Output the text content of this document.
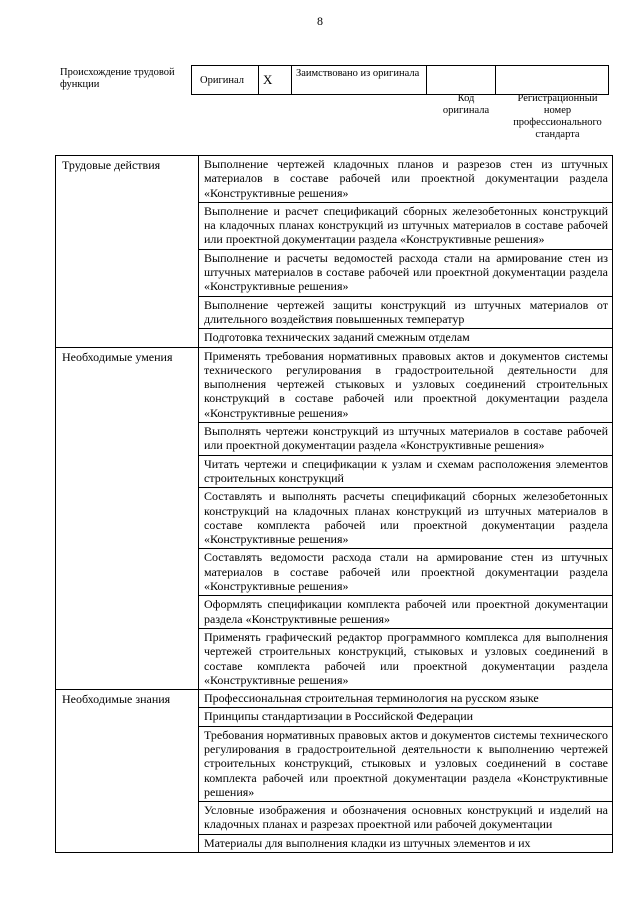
8
Происхождение трудовой функции	Оригинал	X	Заимствовано из оригинала		
Код оригинала
Регистрационный номер профессионального стандарта
Трудовые действия	Выполнение чертежей кладочных планов и разрезов стен из штучных материалов в составе рабочей или проектной документации раздела «Конструктивные решения»
	Выполнение и расчет спецификаций сборных железобетонных конструкций на кладочных планах конструкций из штучных материалов в составе рабочей или проектной документации раздела «Конструктивные решения»
	Выполнение и расчеты ведомостей расхода стали на армирование стен из штучных материалов в составе рабочей или проектной документации раздела «Конструктивные решения»
	Выполнение чертежей защиты конструкций из штучных материалов от длительного воздействия повышенных температур
	Подготовка технических заданий смежным отделам
Необходимые умения	Применять требования нормативных правовых актов и документов системы технического регулирования в градостроительной деятельности для выполнения чертежей стыковых и узловых соединений строительных конструкций в составе рабочей или проектной документации раздела «Конструктивные решения»
	Выполнять чертежи конструкций из штучных материалов в составе рабочей или проектной документации раздела «Конструктивные решения»
	Читать чертежи и спецификации к узлам и схемам расположения элементов строительных конструкций
	Составлять и выполнять расчеты спецификаций сборных железобетонных конструкций на кладочных планах конструкций из штучных материалов в составе комплекта рабочей или проектной документации раздела «Конструктивные решения»
	Составлять ведомости расхода стали на армирование стен из штучных материалов в составе рабочей или проектной документации раздела «Конструктивные решения»
	Оформлять спецификации комплекта рабочей или проектной документации раздела «Конструктивные решения»
	Применять графический редактор программного комплекса для выполнения чертежей строительных конструкций, стыковых и узловых соединений в составе комплекта рабочей или проектной документации раздела «Конструктивные решения»
Необходимые знания	Профессиональная строительная терминология на русском языке
	Принципы стандартизации в Российской Федерации
	Требования нормативных правовых актов и документов системы технического регулирования в градостроительной деятельности к выполнению чертежей строительных конструкций, стыковых и узловых соединений в составе комплекта рабочей или проектной документации раздела «Конструктивные решения»
	Условные изображения и обозначения основных конструкций и изделий на кладочных планах и разрезах проектной или рабочей документации
	Материалы для выполнения кладки из штучных элементов и их
